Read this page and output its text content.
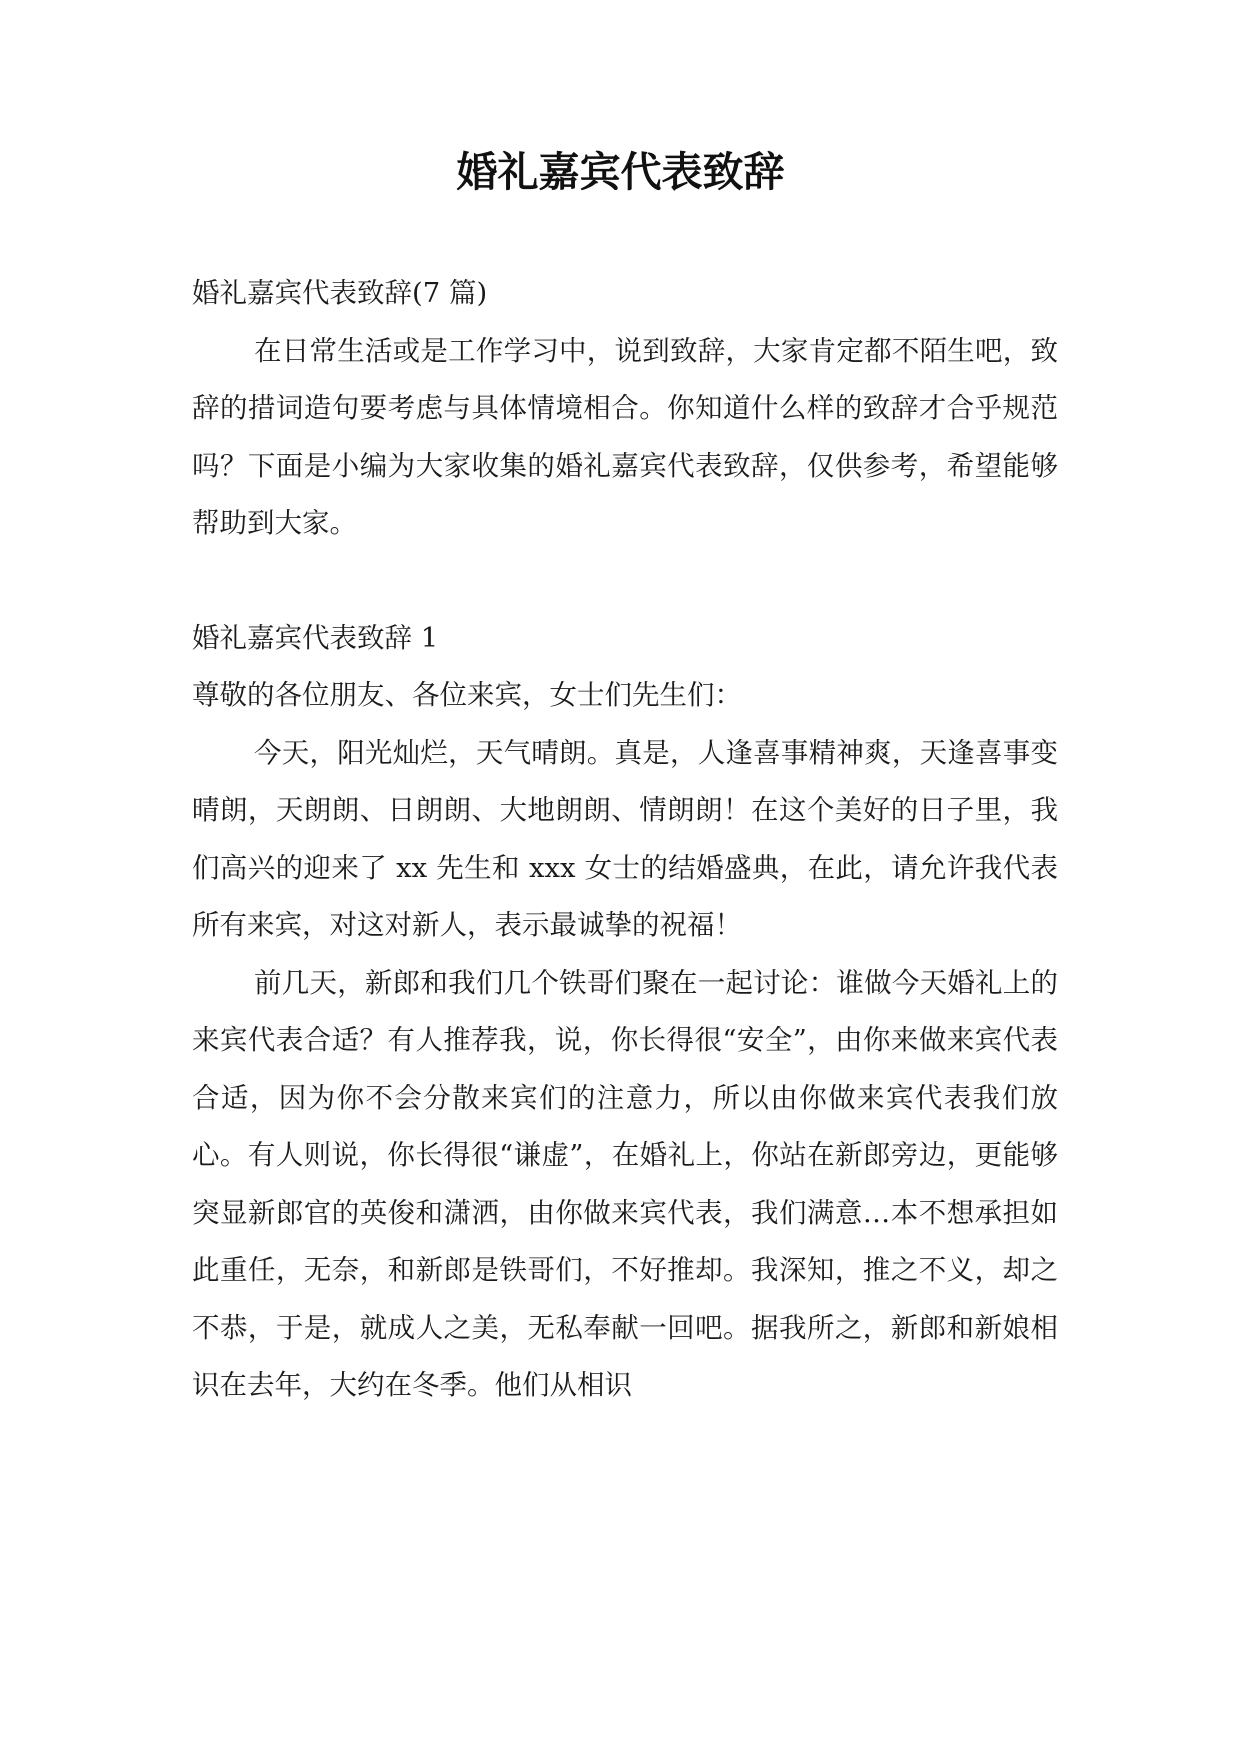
婚礼嘉宾代表致辞
婚礼嘉宾代表致辞(7 篇)
在日常生活或是工作学习中，说到致辞，大家肯定都不陌生吧，致辞的措词造句要考虑与具体情境相合。你知道什么样的致辞才合乎规范吗？下面是小编为大家收集的婚礼嘉宾代表致辞，仅供参考，希望能够帮助到大家。
婚礼嘉宾代表致辞 1
尊敬的各位朋友、各位来宾，女士们先生们：
今天，阳光灿烂，天气晴朗。真是，人逢喜事精神爽，天逢喜事变晴朗，天朗朗、日朗朗、大地朗朗、情朗朗！在这个美好的日子里，我们高兴的迎来了 xx 先生和 xxx 女士的结婚盛典，在此，请允许我代表所有来宾，对这对新人，表示最诚挚的祝福！
前几天，新郎和我们几个铁哥们聚在一起讨论：谁做今天婚礼上的来宾代表合适？有人推荐我，说，你长得很“安全”，由你来做来宾代表合适，因为你不会分散来宾们的注意力，所以由你做来宾代表我们放心。有人则说，你长得很“谦虚”，在婚礼上，你站在新郎旁边，更能够突显新郎官的英俊和潇洒，由你做来宾代表，我们满意…本不想承担如此重任，无奈，和新郎是铁哥们，不好推却。我深知，推之不义，却之不恭，于是，就成人之美，无私奉献一回吧。据我所之，新郎和新娘相识在去年，大约在冬季。他们从相识
